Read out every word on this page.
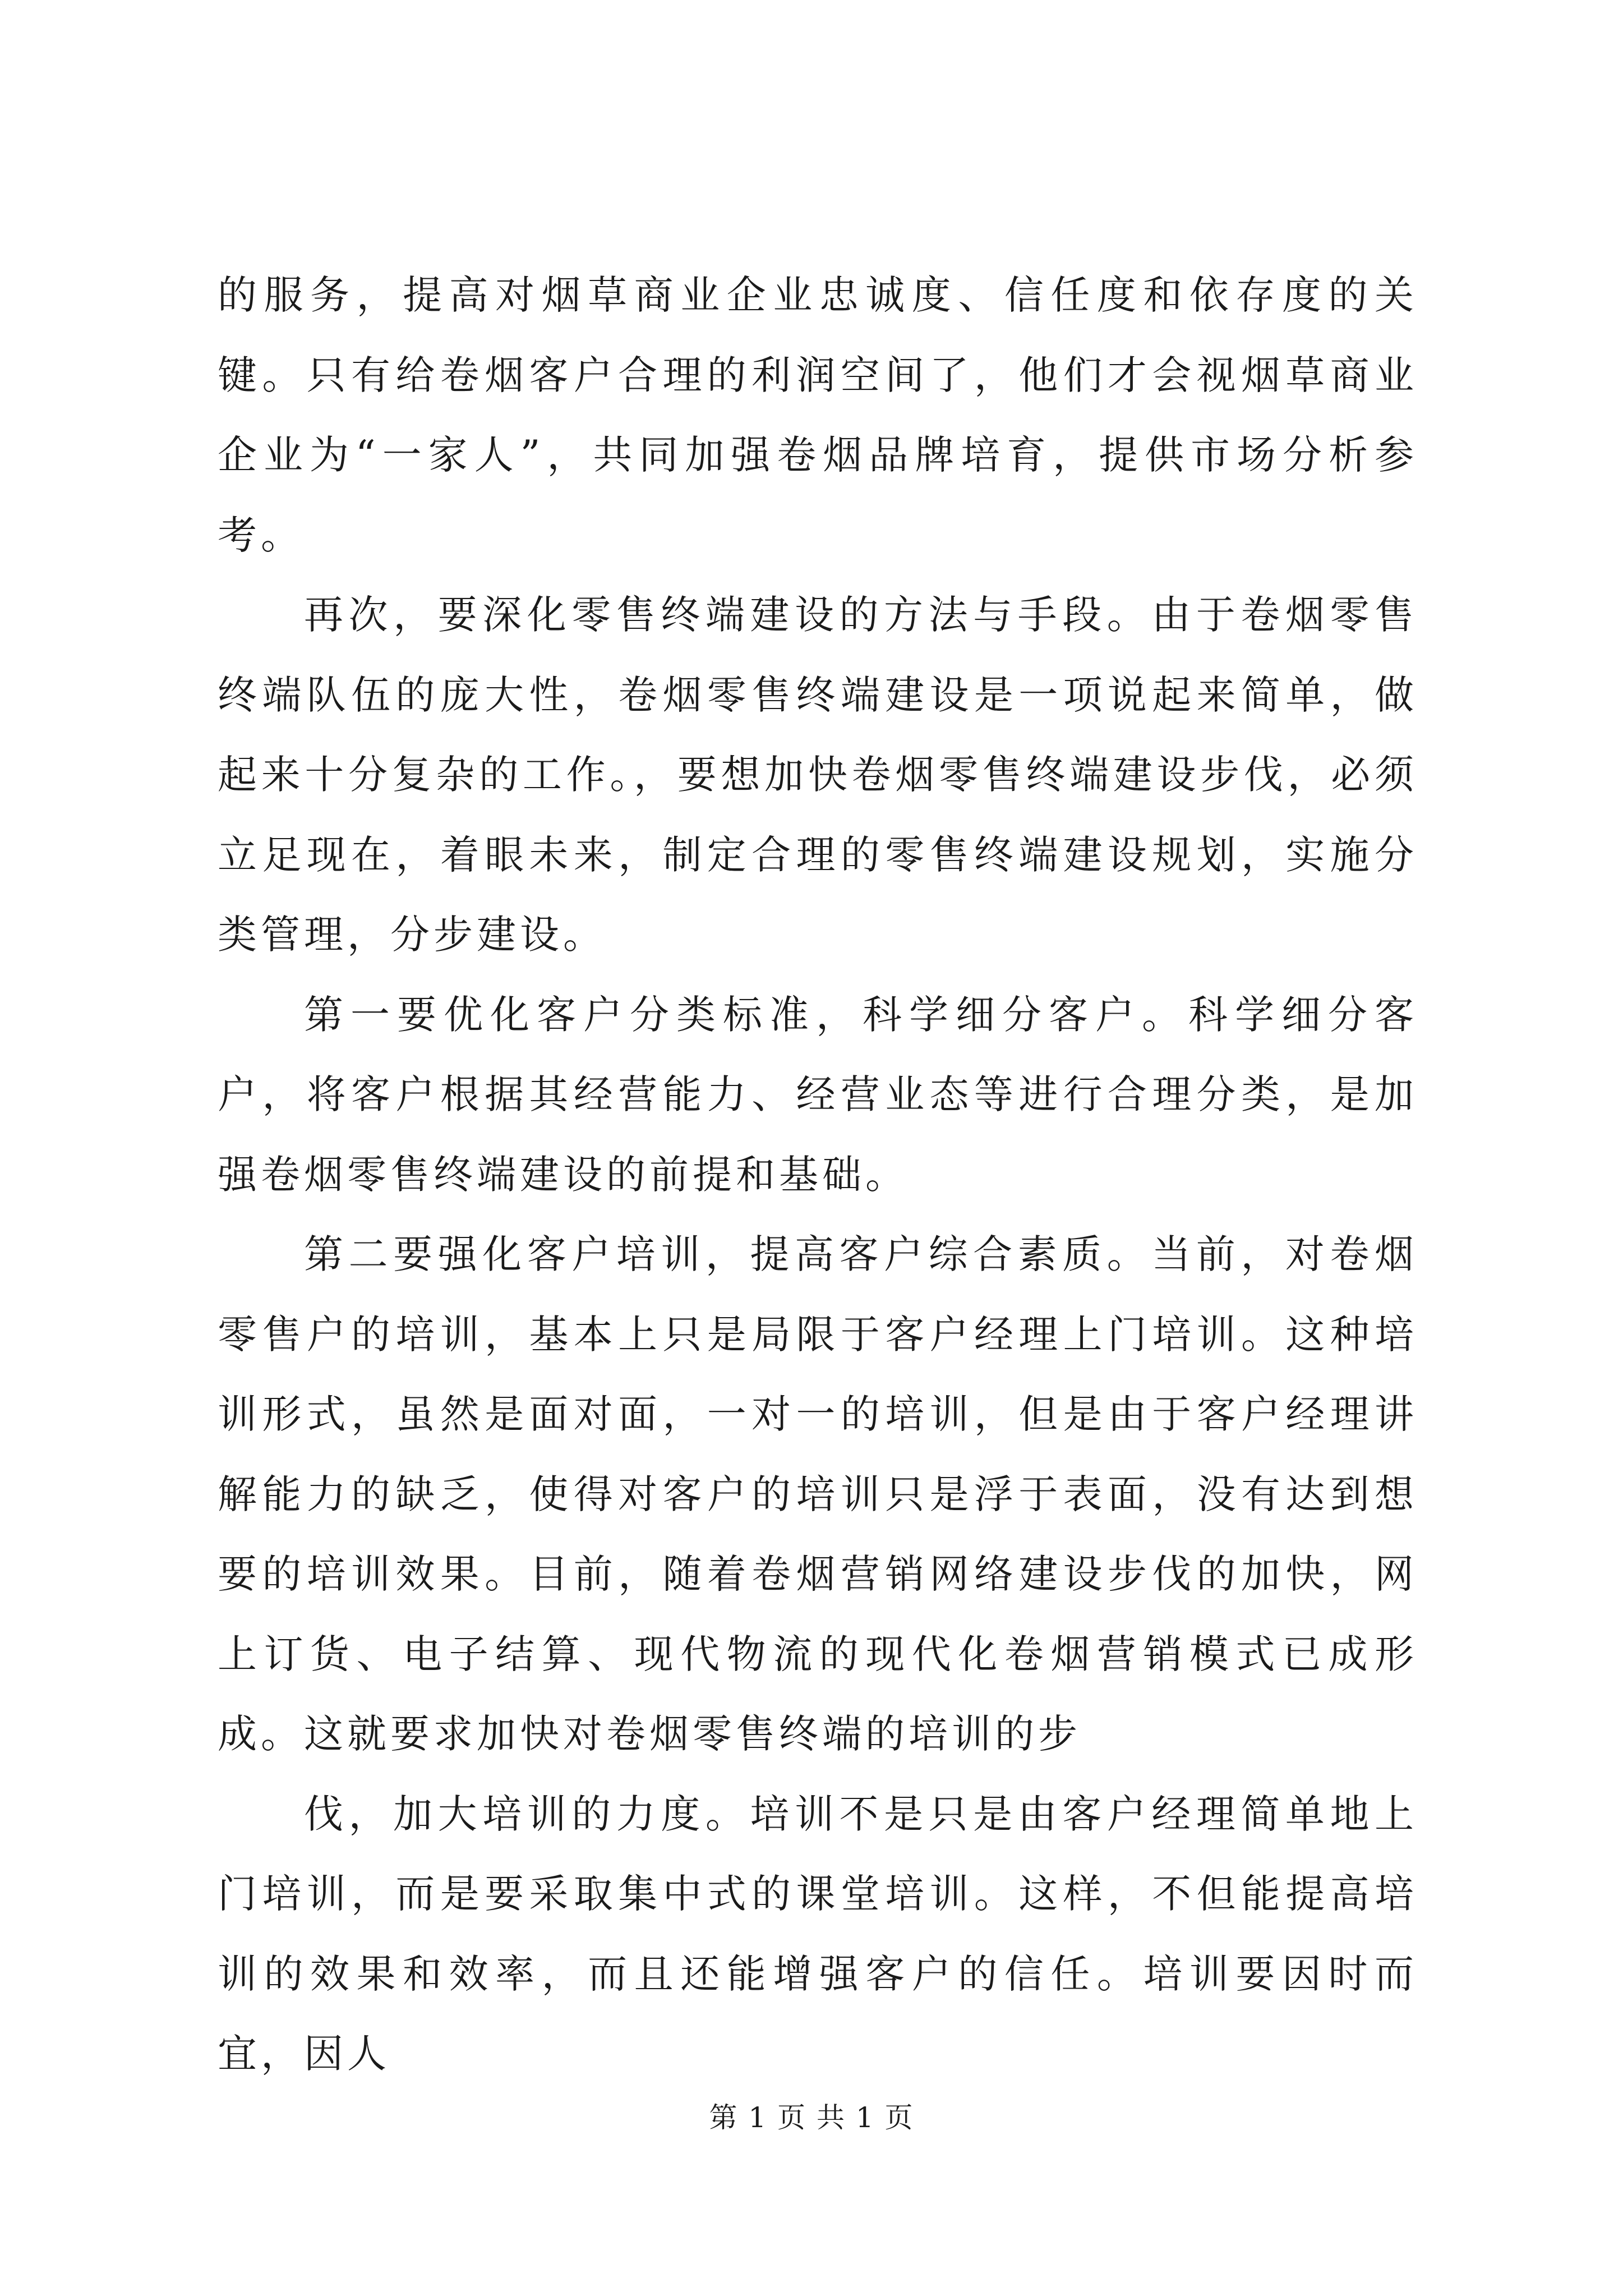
的服务，提高对烟草商业企业忠诚度、信任度和依存度的关键。只有给卷烟客户合理的利润空间了，他们才会视烟草商业企业为“一家人”，共同加强卷烟品牌培育，提供市场分析参考。

再次，要深化零售终端建设的方法与手段。由于卷烟零售终端队伍的庞大性，卷烟零售终端建设是一项说起来简单，做起来十分复杂的工作。，要想加快卷烟零售终端建设步伐，必须立足现在，着眼未来，制定合理的零售终端建设规划，实施分类管理，分步建设。

第一要优化客户分类标准，科学细分客户。科学细分客户，将客户根据其经营能力、经营业态等进行合理分类，是加强卷烟零售终端建设的前提和基础。

第二要强化客户培训，提高客户综合素质。当前，对卷烟零售户的培训，基本上只是局限于客户经理上门培训。这种培训形式，虽然是面对面，一对一的培训，但是由于客户经理讲解能力的缺乏，使得对客户的培训只是浮于表面，没有达到想要的培训效果。目前，随着卷烟营销网络建设步伐的加快，网上订货、电子结算、现代物流的现代化卷烟营销模式已成形成。这就要求加快对卷烟零售终端的培训的步

伐，加大培训的力度。培训不是只是由客户经理简单地上门培训，而是要采取集中式的课堂培训。这样，不但能提高培训的效果和效率，而且还能增强客户的信任。培训要因时而宜，因人

第 1 页 共 1 页
